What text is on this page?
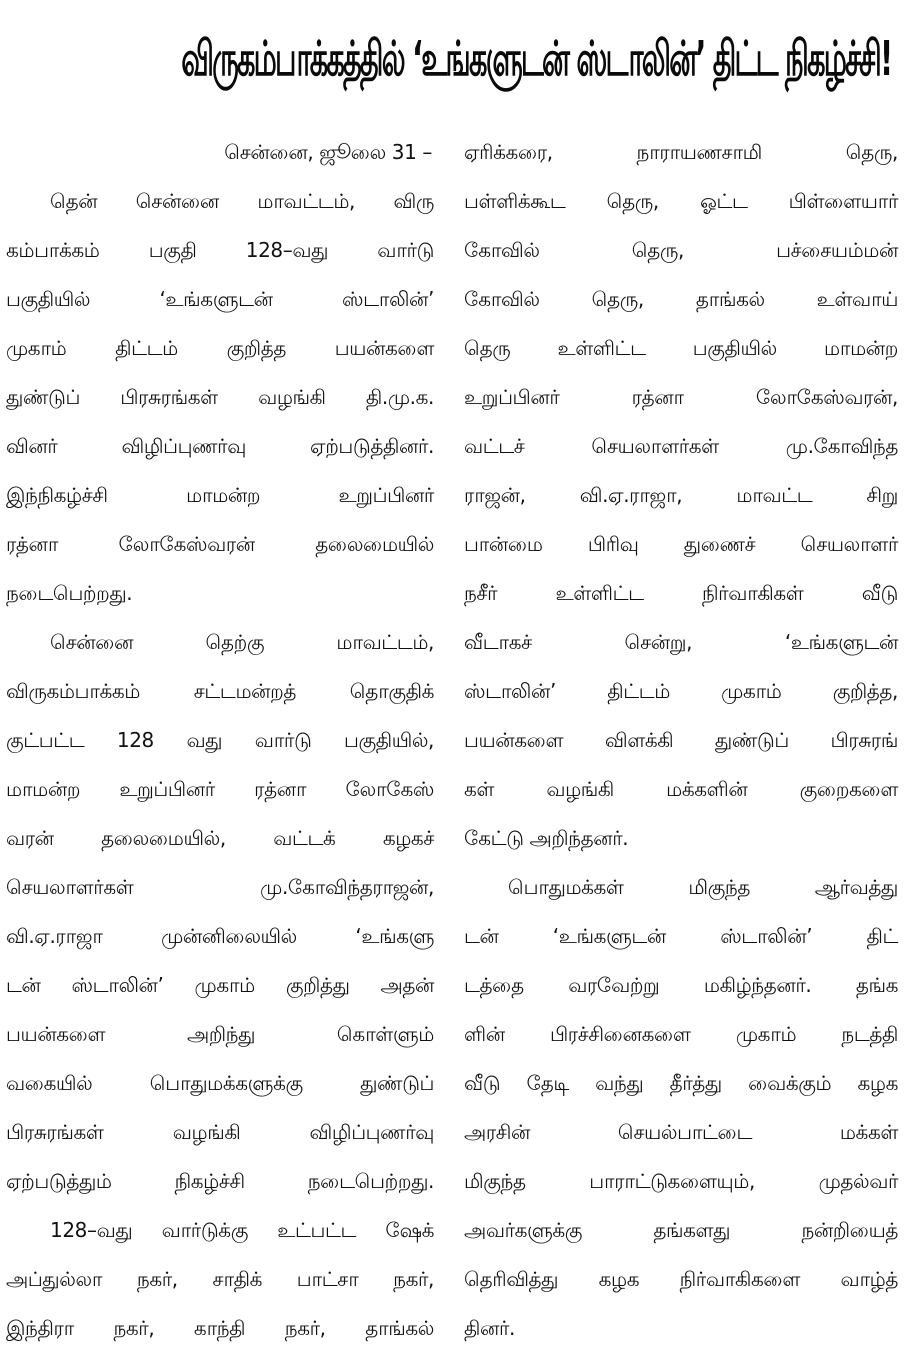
விருகம்பாக்கத்தில் ‘உங்களுடன் ஸ்டாலின்’ திட்ட நிகழ்ச்சி!
சென்னை, ஜூலை 31 –
தென் சென்னை மாவட்டம், விரு
கம்பாக்கம் பகுதி 128–வது வார்டு
பகுதியில் ‘உங்களுடன் ஸ்டாலின்’
முகாம் திட்டம் குறித்த பயன்களை
துண்டுப் பிரசுரங்கள் வழங்கி தி.மு.க.
வினர் விழிப்புணர்வு ஏற்படுத்தினர்.
இந்நிகழ்ச்சி மாமன்ற உறுப்பினர்
ரத்னா லோகேஸ்வரன் தலைமையில்
நடைபெற்றது.
சென்னை தெற்கு மாவட்டம்,
விருகம்பாக்கம் சட்டமன்றத் தொகுதிக்
குட்பட்ட 128 வது வார்டு பகுதியில்,
மாமன்ற உறுப்பினர் ரத்னா லோகேஸ்
வரன் தலைமையில், வட்டக் கழகச்
செயலாளர்கள் மு.கோவிந்தராஜன்,
வி.ஏ.ராஜா முன்னிலையில் ‘உங்களு
டன் ஸ்டாலின்’ முகாம் குறித்து அதன்
பயன்களை அறிந்து கொள்ளும்
வகையில் பொதுமக்களுக்கு துண்டுப்
பிரசுரங்கள் வழங்கி விழிப்புணர்வு
ஏற்படுத்தும் நிகழ்ச்சி நடைபெற்றது.
128–வது வார்டுக்கு உட்பட்ட ஷேக்
அப்துல்லா நகர், சாதிக் பாட்சா நகர்,
இந்திரா நகர், காந்தி நகர், தாங்கல்
ஏரிக்கரை, நாராயணசாமி தெரு,
பள்ளிக்கூட தெரு, ஓட்ட பிள்ளையார்
கோவில் தெரு, பச்சையம்மன்
கோவில் தெரு, தாங்கல் உள்வாய்
தெரு உள்ளிட்ட பகுதியில் மாமன்ற
உறுப்பினர் ரத்னா லோகேஸ்வரன்,
வட்டச் செயலாளர்கள் மு.கோவிந்த
ராஜன், வி.ஏ.ராஜா, மாவட்ட சிறு
பான்மை பிரிவு துணைச் செயலாளர்
நசீர் உள்ளிட்ட நிர்வாகிகள் வீடு
வீடாகச் சென்று, ‘உங்களுடன்
ஸ்டாலின்’ திட்டம் முகாம் குறித்த,
பயன்களை விளக்கி துண்டுப் பிரசுரங்
கள் வழங்கி மக்களின் குறைகளை
கேட்டு அறிந்தனர்.
பொதுமக்கள் மிகுந்த ஆர்வத்து
டன் ‘உங்களுடன் ஸ்டாலின்’ திட்
டத்தை வரவேற்று மகிழ்ந்தனர். தங்க
ளின் பிரச்சினைகளை முகாம் நடத்தி
வீடு தேடி வந்து தீர்த்து வைக்கும் கழக
அரசின் செயல்பாட்டை மக்கள்
மிகுந்த பாராட்டுகளையும், முதல்வர்
அவர்களுக்கு தங்களது நன்றியைத்
தெரிவித்து கழக நிர்வாகிகளை வாழ்த்
தினர்.
